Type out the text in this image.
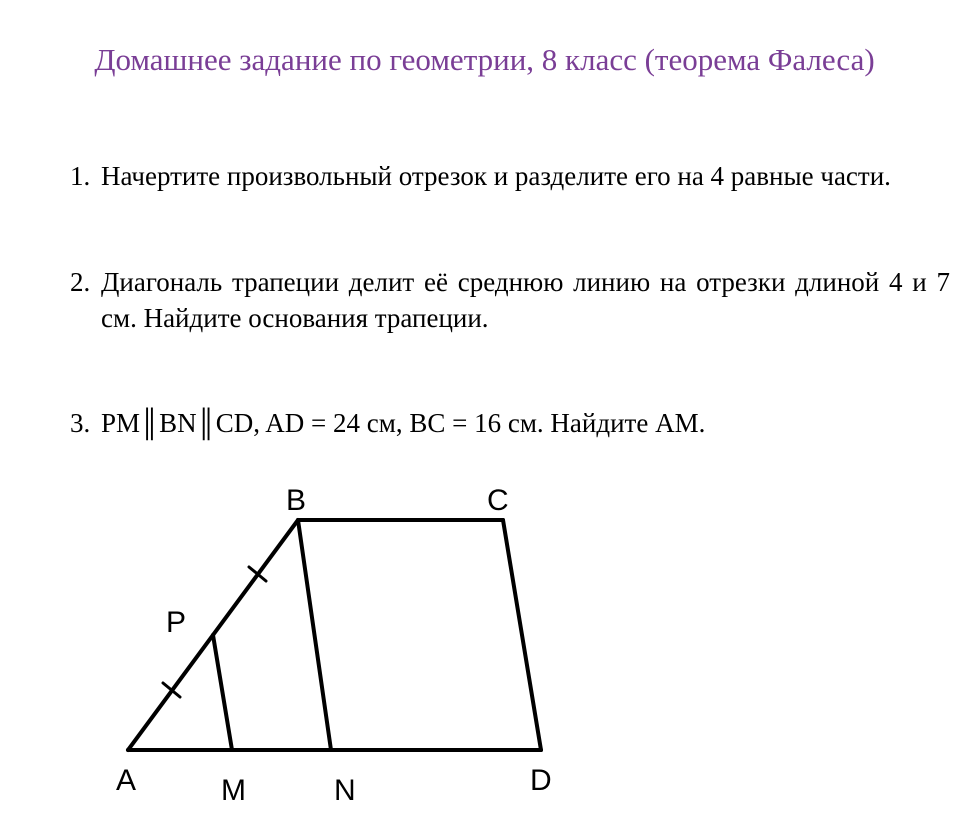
Домашнее задание по геометрии, 8 класс (теорема Фалеса)
1. Начертите произвольный отрезок и разделите его на 4 равные части.
2. Диагональ трапеции делит её среднюю линию на отрезки длиной 4 и 7 см. Найдите основания трапеции.
3. PM║BN║CD, AD = 24 см, BC = 16 см. Найдите AM.
B	C
P
A	M	N	D
